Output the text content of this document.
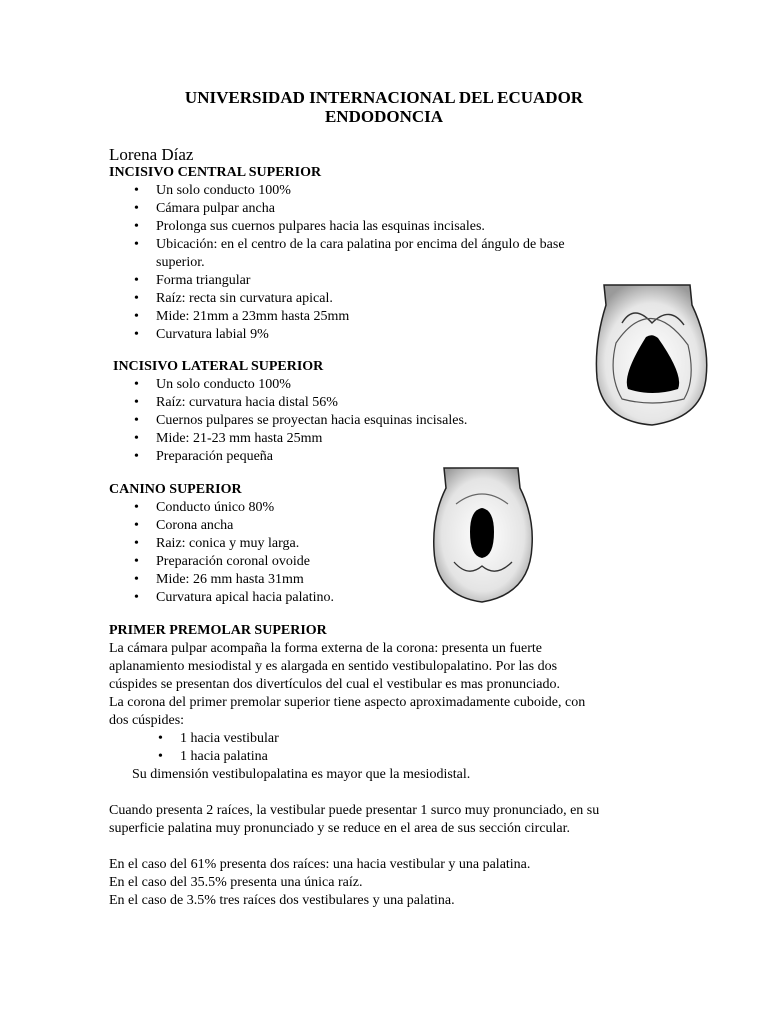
UNIVERSIDAD INTERNACIONAL DEL ECUADOR
ENDODONCIA
Lorena Díaz
INCISIVO CENTRAL SUPERIOR
• Un solo conducto 100%
• Cámara pulpar ancha
• Prolonga sus cuernos pulpares hacia las esquinas incisales.
• Ubicación: en el centro de la cara palatina por encima del ángulo de base
superior.
• Forma triangular
• Raíz: recta sin curvatura apical.
• Mide: 21mm a 23mm hasta 25mm
• Curvatura labial 9%
INCISIVO LATERAL SUPERIOR
• Un solo conducto 100%
• Raíz: curvatura hacia distal 56%
• Cuernos pulpares se proyectan hacia esquinas incisales.
• Mide: 21-23 mm hasta 25mm
• Preparación pequeña
CANINO SUPERIOR
• Conducto único 80%
• Corona ancha
• Raiz: conica y muy larga.
• Preparación coronal ovoide
• Mide: 26 mm hasta 31mm
• Curvatura apical hacia palatino.
PRIMER PREMOLAR SUPERIOR

La cámara pulpar acompaña la forma externa de la corona: presenta un fuerte
aplanamiento mesiodistal y es alargada en sentido vestibulopalatino. Por las dos
cúspides se presentan dos divertículos del cual el vestibular es mas pronunciado.
La corona del primer premolar superior tiene aspecto aproximadamente cuboide, con
dos cúspides:

• 1 hacia vestibular
• 1 hacia palatina

Su dimensión vestibulopalatina es mayor que la mesiodistal.

Cuando presenta 2 raíces, la vestibular puede presentar 1 surco muy pronunciado, en su
superficie palatina muy pronunciado y se reduce en el area de sus sección circular.

En el caso del 61% presenta dos raíces: una hacia vestibular y una palatina.
En el caso del 35.5% presenta una única raíz.
En el caso de 3.5% tres raíces dos vestibulares y una palatina.
